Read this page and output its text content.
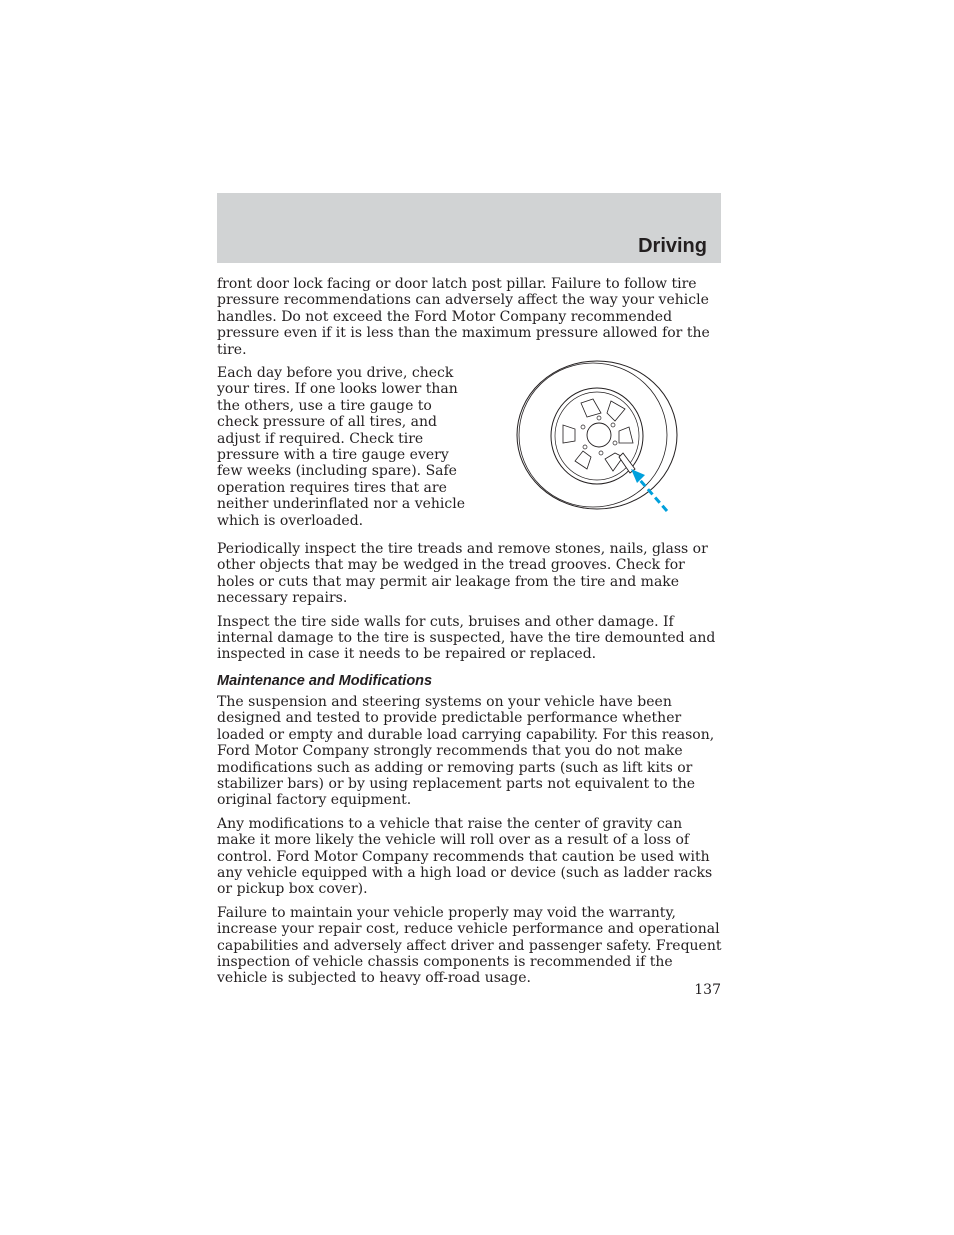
Driving

front door lock facing or door latch post pillar. Failure to follow tire pressure recommendations can adversely affect the way your vehicle handles. Do not exceed the Ford Motor Company recommended pressure even if it is less than the maximum pressure allowed for the tire.

Each day before you drive, check your tires. If one looks lower than the others, use a tire gauge to check pressure of all tires, and adjust if required. Check tire pressure with a tire gauge every few weeks (including spare). Safe operation requires tires that are neither underinflated nor a vehicle which is overloaded.

Periodically inspect the tire treads and remove stones, nails, glass or other objects that may be wedged in the tread grooves. Check for holes or cuts that may permit air leakage from the tire and make necessary repairs.

Inspect the tire side walls for cuts, bruises and other damage. If internal damage to the tire is suspected, have the tire demounted and inspected in case it needs to be repaired or replaced.

Maintenance and Modifications

The suspension and steering systems on your vehicle have been designed and tested to provide predictable performance whether loaded or empty and durable load carrying capability. For this reason, Ford Motor Company strongly recommends that you do not make modifications such as adding or removing parts (such as lift kits or stabilizer bars) or by using replacement parts not equivalent to the original factory equipment.

Any modifications to a vehicle that raise the center of gravity can make it more likely the vehicle will roll over as a result of a loss of control. Ford Motor Company recommends that caution be used with any vehicle equipped with a high load or device (such as ladder racks or pickup box cover).

Failure to maintain your vehicle properly may void the warranty, increase your repair cost, reduce vehicle performance and operational capabilities and adversely affect driver and passenger safety. Frequent inspection of vehicle chassis components is recommended if the vehicle is subjected to heavy off-road usage.

137
